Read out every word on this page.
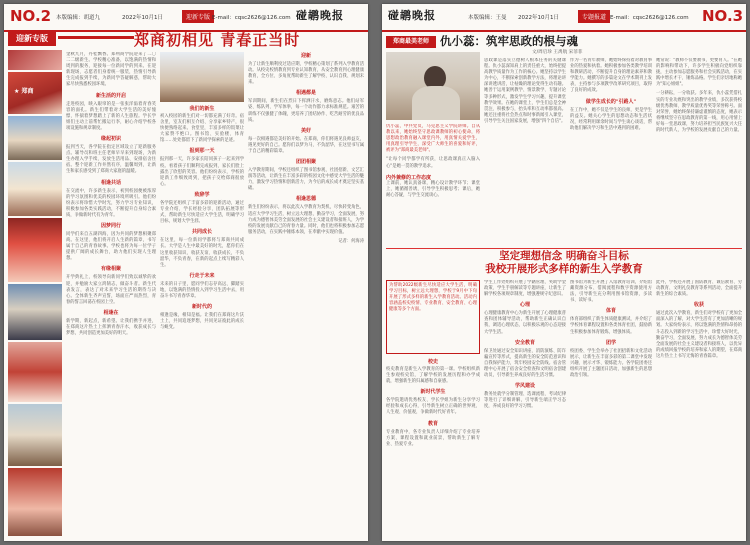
NO.2 本版编辑：胡道九	2022年10月1日	迎新专版 E-mail：cqsc2626@126.com 碰鹕晚报
迎新专版	郑商初相见 青春正当时
★ 郑商
金秋九月，丹桂飘香。郑州商学院迎来了二〇二二级新生。学校精心准备，以饱满的热情和周到的服务，迎接每一位新同学的到来。在迎新现场，志愿者们身着统一服装，热情引导新生完成报到手续，为新同学答疑解惑，帮助大家尽快熟悉校园环境。
新生活的开启
走进校园，映入眼帘的是一张张洋溢着青春笑容的面孔。新生们带着对大学生活的美好憧憬，怀揣着梦想踏上了新的人生旅程。学长学姐们主动上前帮忙搬运行李，耐心介绍学校各项设施和规章制度。
缘起初识
报到当天，各学院在指定区域设立了迎新服务点。辅导员和班主任老师早早来到现场，为新生办理入学手续、发放生活用品、安排宿舍住宿。整个迎新工作井然有序，温馨周到，让新生和家长感受到了郑商大家庭的温暖。
相逢共话
在交流中，许多新生表示，初到校园便被浓厚的学习氛围和优美的校园环境所吸引。他们纷纷表示将珍惜大学时光，努力学习专业知识，积极参加各类实践活动，不断提升自身综合素质，争做新时代有为青年。
因梦同行
同学们来自五湖四海，因为共同的梦想相聚郑商。在这里，他们将开启人生新的篇章，书写属于自己的青春故事。学校也将为每一位学子提供广阔的成长舞台，助力他们实现人生理想。
有缘相聚
开学典礼上，校领导向新同学们致以诚挚的欢迎，并勉励大家立鸿鹄志，做奋斗者。新生代表发言，表达了对未来学习生活的期待与决心。全体新生齐声宣誓，场面庄严而热烈，青春的誓言回荡在校园上空。
相逢在
新学期，新起点，新希望。让我们携手并进，在郑商这片热土上挥洒青春汗水，收获成长与梦想，共同创造更加美好的明天。
我们的新生
初入校园的新生们对一切都充满了好奇。宿舍里，室友们相互介绍、分享家乡特产，很快便熟络起来。食堂里，丰富多样的饭菜让大家赞不绝口。图书馆、实验楼、体育馆……处处都留下了新同学探索的足迹。
报到那一天
报到那一天，许多家长陪同孩子一起来到学校。看着孩子们顺利完成报到，家长们脸上露出了欣慰的笑容。他们纷纷表示，学校的迎新工作细致周到，把孩子交给郑商很放心。
致辞学
各学院还组织了丰富多彩的迎新活动，通过专业介绍、学长经验分享、团队拓展等形式，帮助新生尽快适应大学生活，明确学习目标，规划大学生涯。
共同成长
在这里，每一位新同学都将与郑商共同成长。大学是人生中最美好的时光，愿你们在这里收获知识、收获友谊、收获成长，不负韶华，不负青春，在新的起点上续写精彩人生。
行走于未来
未来的日子里，愿同学们志存高远、脚踏实地，以饱满的热情投入到学习生活中去，用奋斗书写青春华章。
新时代的
相逢是缘，相知是福。让我们在郑商这片沃土上，共同追逐梦想，共同见证彼此的成长与蜕变。
迎新
为了让新生顺利度过适应期，学校精心策划了系列入学教育活动。从校史校情教育到专业认知教育，从安全教育到心理健康教育，全方位、多角度帮助新生了解学校、认识自我、规划未来。
相遇都是
军训期间，新生们在烈日下挥洒汗水，磨炼意志。他们站军姿、练队列、学军体拳，每一个动作都力求标准规范。艰苦的训练不仅强健了体魄，更培养了团结协作、吃苦耐劳的优良品质。
美好
每一次相遇都是美好的开始。在郑商，你们将遇见良师益友，遇见更好的自己。愿你们以梦为马，不负韶华，在这里书写属于自己的精彩篇章。
团团相聚
入学教育期间，学校还组织了图书馆参观、社团招新、文艺汇演等活动，让新生在丰富多彩的校园文化中感受大学生活的魅力，激发学习热情和创新活力，为今后的成长成才奠定坚实基础。
相逢思德
新生们纷纷表示，将以此次入学教育为契机，尽快转变角色，适应大学学习生活，树立远大理想，勤奋学习，全面发展，努力成为德智体美劳全面发展的社会主义建设者和接班人，为学校的发展贡献自己的青春力量。同时，他们也将积极参加志愿服务活动，在实践中锤炼本领，在奉献中实现价值。
记者：何海涛
碰鹕晚报	本版编辑：王曼 2022年10月1日	专题报道 E-mail：cqsc2626@126.com NO.3
郑商最美老师 仇小蕊：筑牢思政的根与魂
文/周启珍 王禹航 宋菲菲
仇小蕊，中共党员，马克思主义学院讲师。自从教以来，她始终坚守思政课教师的初心使命，将思想政治教育融入课堂内外，用真情关爱学生，用真理引导学生，深受广大师生的喜爱和好评，被评为"郑商最美老师"。
"让每个同学都学有所获，让思政课真正入脑入心"是她一贯的教学追求。
内外兼修的工作态度
上课前，她认真备课，精心设计教学环节；课堂上，她循循善诱，引导学生积极思考；课后，她耐心答疑，与学生交流谈心。
思政课是落实立德树人根本任务的关键课程。仇小蕊深知肩上的责任重大，始终把提高教学质量作为工作的核心。她坚持以学生为中心，不断探索创新教学方法，将理论讲深讲透讲活，让枯燥的理论变得生动有趣。她善于运用案例教学、情景教学、专题讨论等多种形式，激发学生学习兴趣，提升课堂教学效果。在她的课堂上，学生们总是全神贯注、积极参与，抬头率和互动率都很高。她还注重将社会热点和时事新闻引入课堂，引导学生关注国家发展，增强"四个自信"。
作为一名青年教师，她始终保持着对教育事业的热爱和执着。她积极参加各类教学培训和教研活动，不断提升自身的理论素养和教学能力。她撰写的多篇论文在学术期刊上发表，主持参与多项教学改革研究项目，取得了良好的成效。
做学生成长的"引路人"
在工作中，她不仅是学生的良师，更是学生的益友。她关心学生的思想动态和生活状况，经常利用课余时间与学生谈心谈话，帮助他们解决学习和生活中遇到的困难。
她常说："教师不仅要教书，更要育人。"在她的影响和带动下，许多学生积极向党组织靠拢，主动参加志愿服务和社会实践活动，在实践中增长才干、锤炼品格。学生们亲切地称她为"知心姐姐"。
一分耕耘，一分收获。多年来，仇小蕊凭借扎实的专业功底和突出的教学业绩，多次获得校级优秀教师、教学质量优秀奖等荣誉称号。面对荣誉，她始终保持谦虚谨慎的态度，她表示将继续坚守在思政教育的第一线，用心用情上好每一堂思政课，努力培养担当民族复兴大任的时代新人，为学校的发展贡献自己的力量。
坚定理想信念 明确奋斗目标
我校开展形式多样的新生入学教育
为帮助2022级新生尽快适应大学生活，明确学习目标，树立远大理想，学校于9月中下旬开展了形式多样的新生入学教育活动。活动内容涵盖校史校情、专业教育、安全教育、心理健康等多个方面。
校史
校史教育是新生入学教育的第一课。学校组织新生参观校史馆，了解学校的发展历程和办学成就，增强新生的归属感和自豪感。
新时代学生
各学院邀请优秀校友、学长学姐为新生分享学习经验和成长心得，引导新生树立正确的世界观、人生观、价值观，争做新时代好青年。
教育
专业教育中，各专业负责人详细介绍了专业培养方案、课程设置和就业前景，帮助新生了解专业、热爱专业。
学生工作处组织开展了学籍管理、奖助学金政策、学生手册解读等专题讲座，让新生了解学校各项规章制度，增强遵规守纪意识。
心理
心理健康教育中心为新生开展了心理健康普查和团体辅导活动，帮助新生正确认识自我，调适心理状态，以积极乐观的心态迎接大学生活。
安全教育
保卫处通过安全知识讲座、消防演练、防诈骗宣传等形式，提高新生的安全防范意识和自我保护能力，筑牢校园安全防线。宿舍管理中心开展了宿舍安全检查和文明宿舍创建动员，引导新生养成良好的生活习惯。
学风建设
教务处就学分制管理、选课流程、考试纪律等进行了详细讲解，引导新生端正学习态度，养成良好的学习习惯。
图书馆为新生开展了入馆教育培训，介绍馆藏资源分布、借阅流程和数字资源使用方法，引导新生充分利用图书馆资源，多读书、读好书。
体育
体育部组织了新生体质健康测试，并介绍了学校体育课程设置和各类体育社团，鼓励新生积极参加体育锻炼，增强体质。
团学
校团委、学生会举办了社团招新和文化活动展示，让新生在丰富多彩的第二课堂中发现兴趣、展示才华、锻炼能力。各学院团委还组织开展了主题团日活动，加强新生的思想政治引领。
此外，学校还开展了国防教育、诚信教育、劳动教育、文明礼仪教育等系列活动，全面提升新生的综合素质。
收获
通过此次入学教育，新生们对学校有了更加全面深入的了解，对大学生活有了更加清晰的规划。大家纷纷表示，将以饱满的热情和昂扬的斗志投入到新的学习生活中，珍惜大好时光，勤奋学习，全面发展，努力成长为德智体美劳全面发展的社会主义建设者和接班人，以优异的成绩回报学校的培养和家人的期望，在郑商这片热土上书写无悔的青春篇章。
